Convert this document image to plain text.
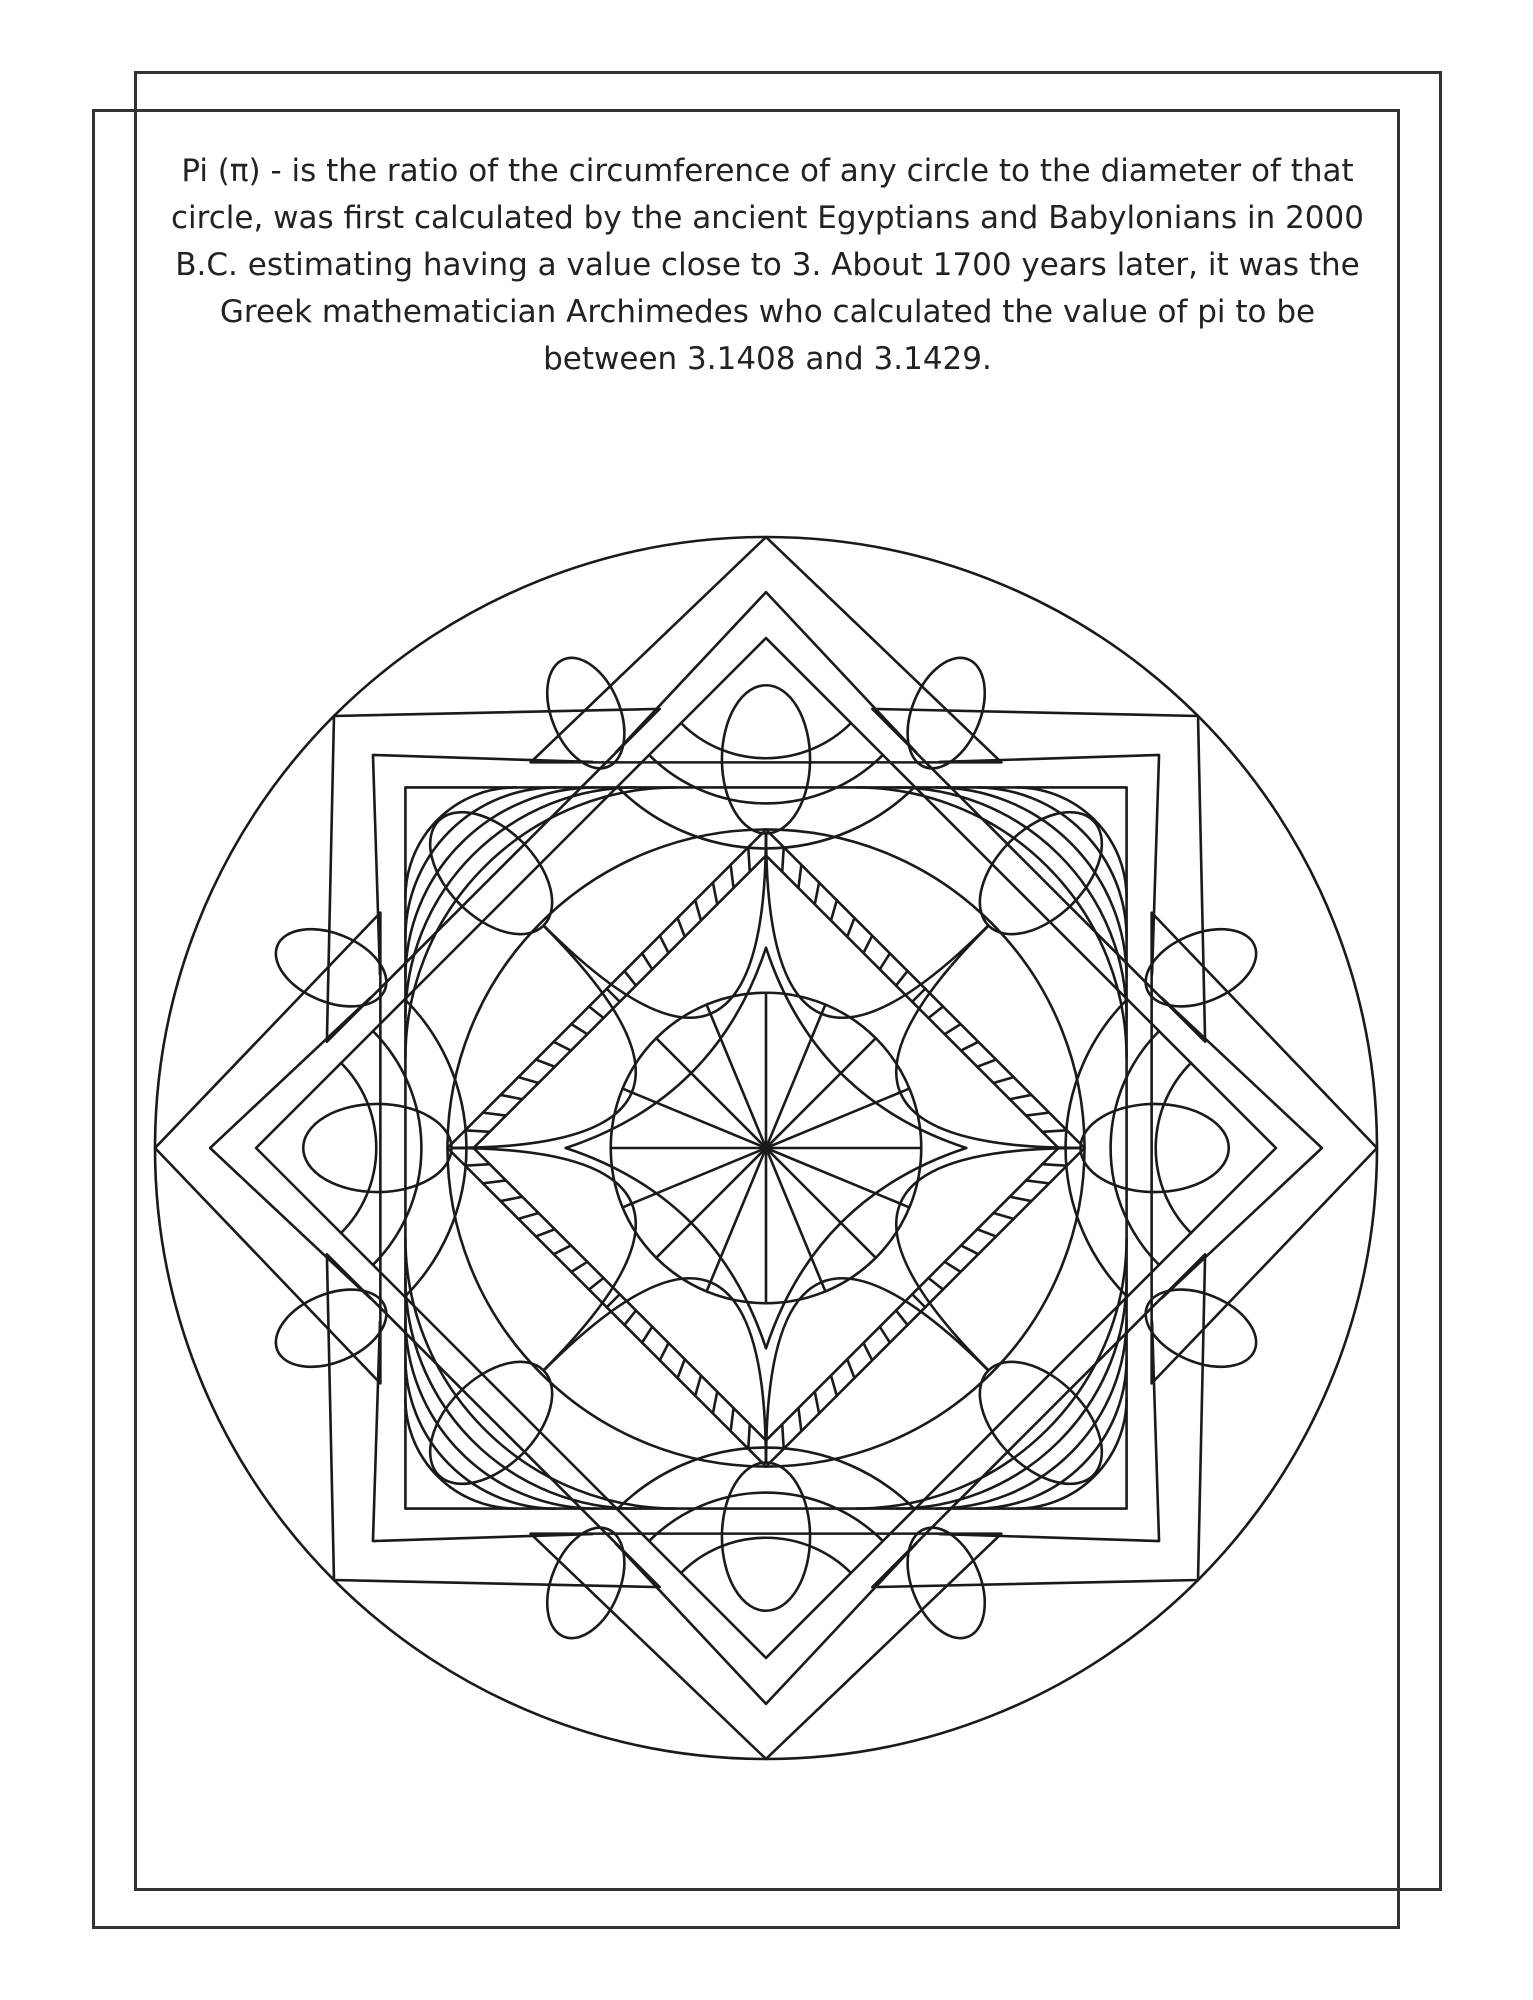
Pi (π) - is the ratio of the circumference of any circle to the diameter of that circle, was first calculated by the ancient Egyptians and Babylonians in 2000 B.C. estimating having a value close to 3. About 1700 years later, it was the Greek mathematician Archimedes who calculated the value of pi to be between 3.1408 and 3.1429.
